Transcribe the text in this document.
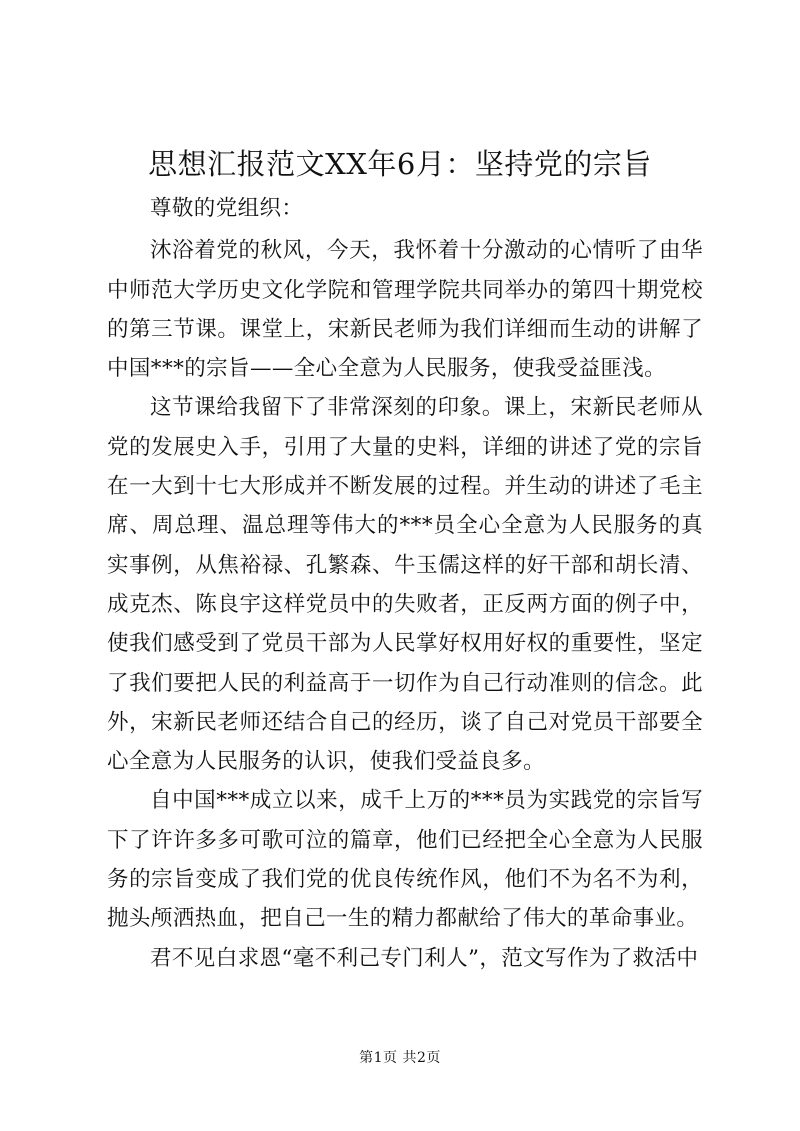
思想汇报范文XX年6月：坚持党的宗旨

尊敬的党组织：

沐浴着党的秋风，今天，我怀着十分激动的心情听了由华中师范大学历史文化学院和管理学院共同举办的第四十期党校的第三节课。课堂上，宋新民老师为我们详细而生动的讲解了中国***的宗旨——全心全意为人民服务，使我受益匪浅。

这节课给我留下了非常深刻的印象。课上，宋新民老师从党的发展史入手，引用了大量的史料，详细的讲述了党的宗旨在一大到十七大形成并不断发展的过程。并生动的讲述了毛主席、周总理、温总理等伟大的***员全心全意为人民服务的真实事例，从焦裕禄、孔繁森、牛玉儒这样的好干部和胡长清、成克杰、陈良宇这样党员中的失败者，正反两方面的例子中，使我们感受到了党员干部为人民掌好权用好权的重要性，坚定了我们要把人民的利益高于一切作为自己行动准则的信念。此外，宋新民老师还结合自己的经历，谈了自己对党员干部要全心全意为人民服务的认识，使我们受益良多。

自中国***成立以来，成千上万的***员为实践党的宗旨写下了许许多多可歌可泣的篇章，他们已经把全心全意为人民服务的宗旨变成了我们党的优良传统作风，他们不为名不为利，抛头颅洒热血，把自己一生的精力都献给了伟大的革命事业。

君不见白求恩“毫不利己专门利人”，范文写作为了救活中

第1页 共2页
